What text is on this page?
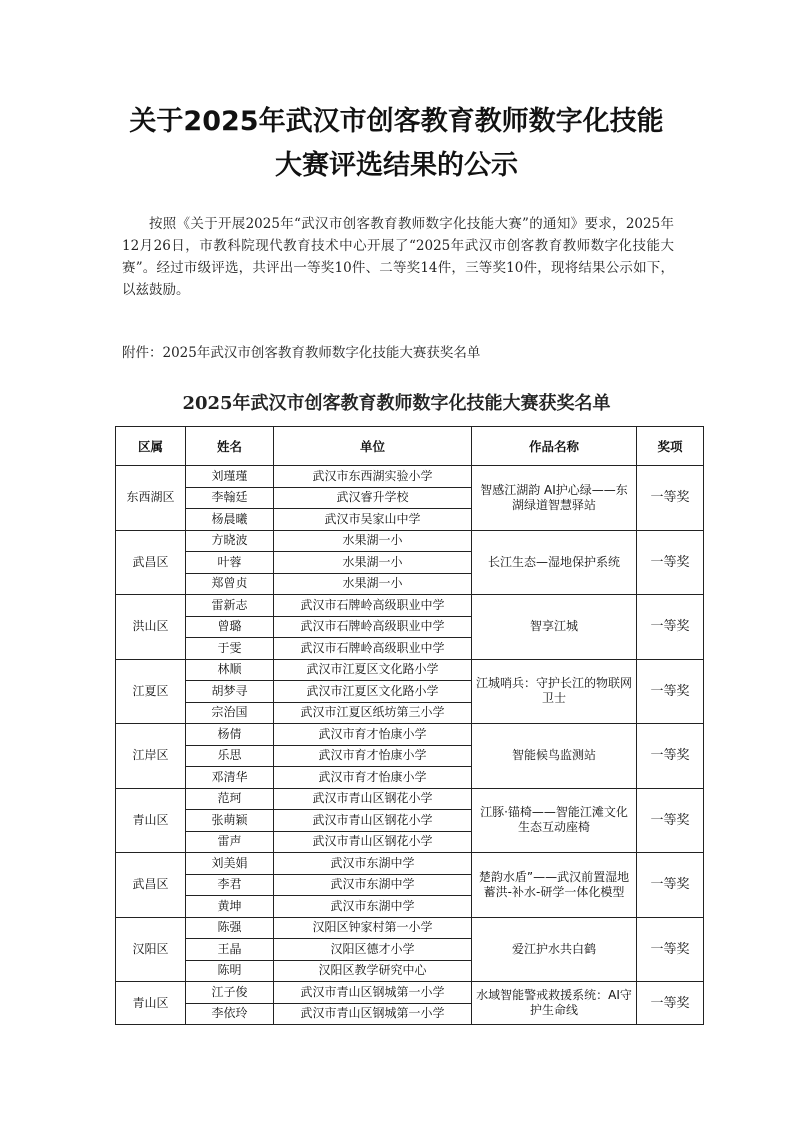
关于2025年武汉市创客教育教师数字化技能
大赛评选结果的公示
按照《关于开展2025年“武汉市创客教育教师数字化技能大赛”的通知》要求，2025年12月26日，市教科院现代教育技术中心开展了“2025年武汉市创客教育教师数字化技能大赛”。经过市级评选，共评出一等奖10件、二等奖14件，三等奖10件，现将结果公示如下，以兹鼓励。
附件：2025年武汉市创客教育教师数字化技能大赛获奖名单
2025年武汉市创客教育教师数字化技能大赛获奖名单
区属	姓名	单位	作品名称	奖项
东西湖区	刘瑾瑾	武汉市东西湖实验小学	智感江湖韵 AI护心绿——东湖绿道智慧驿站	一等奖
	李翰廷	武汉睿升学校		
	杨晨曦	武汉市吴家山中学		
武昌区	方晓波	水果湖一小	长江生态—湿地保护系统	一等奖
	叶蓉	水果湖一小		
	郑曾贞	水果湖一小		
洪山区	雷新志	武汉市石牌岭高级职业中学	智享江城	一等奖
	曾璐	武汉市石牌岭高级职业中学		
	于雯	武汉市石牌岭高级职业中学		
江夏区	林顺	武汉市江夏区文化路小学	江城哨兵：守护长江的物联网卫士	一等奖
	胡梦寻	武汉市江夏区文化路小学		
	宗治国	武汉市江夏区纸坊第三小学		
江岸区	杨倩	武汉市育才怡康小学	智能候鸟监测站	一等奖
	乐思	武汉市育才怡康小学		
	邓清华	武汉市育才怡康小学		
青山区	范珂	武汉市青山区钢花小学	江豚·锚椅——智能江滩文化生态互动座椅	一等奖
	张萌颖	武汉市青山区钢花小学		
	雷声	武汉市青山区钢花小学		
武昌区	刘美娟	武汉市东湖中学	楚韵水盾”——武汉前置湿地蓄洪-补水-研学一体化模型	一等奖
	李君	武汉市东湖中学		
	黄坤	武汉市东湖中学		
汉阳区	陈强	汉阳区钟家村第一小学	爱江护水共白鹤	一等奖
	王晶	汉阳区德才小学		
	陈明	汉阳区教学研究中心		
青山区	江子俊	武汉市青山区钢城第一小学	水域智能警戒救援系统：AI守护生命线	一等奖
	李依玲	武汉市青山区钢城第一小学		
